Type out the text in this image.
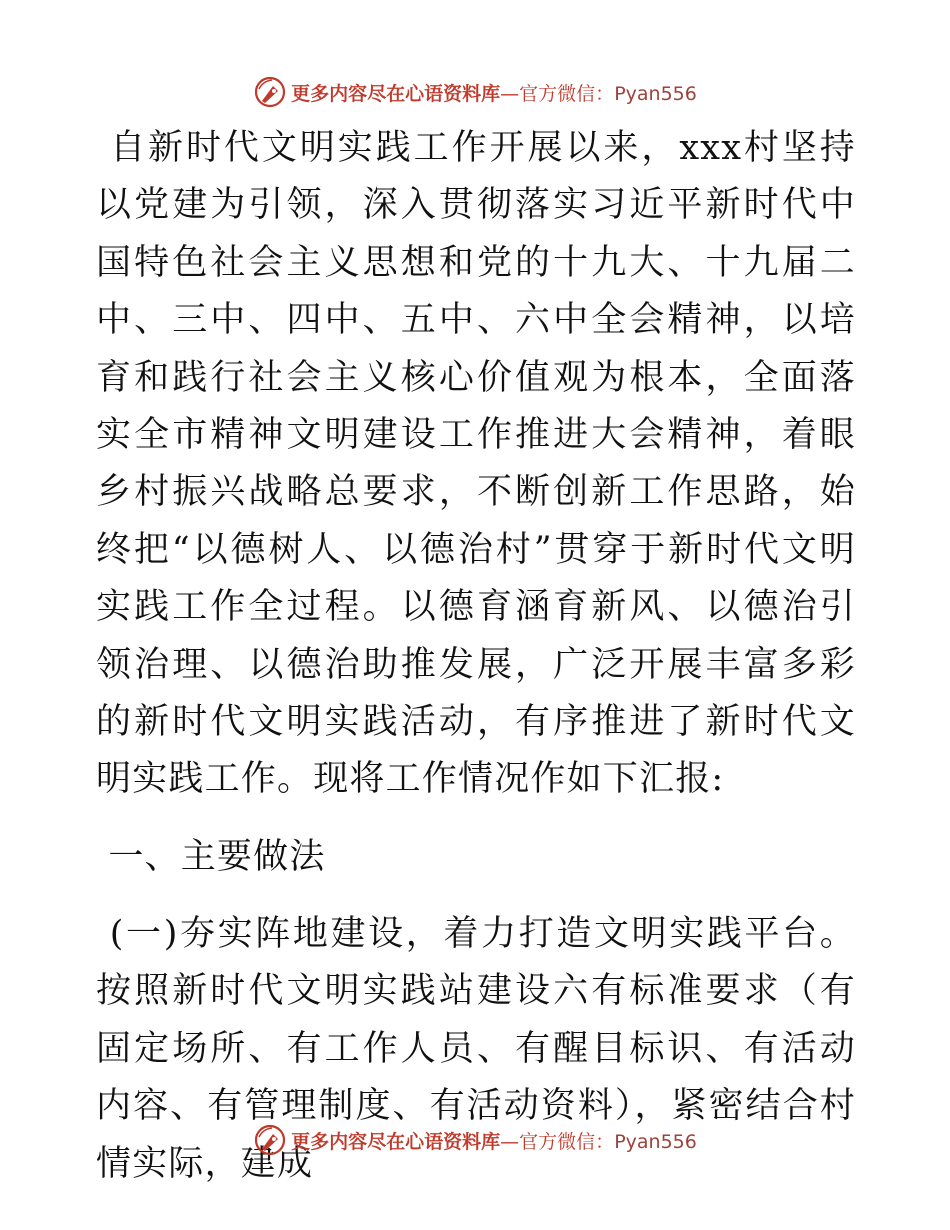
更多内容尽在心语资料库—官方微信：Pyan556

自新时代文明实践工作开展以来，xxx村坚持以党建为引领，深入贯彻落实习近平新时代中国特色社会主义思想和党的十九大、十九届二中、三中、四中、五中、六中全会精神，以培育和践行社会主义核心价值观为根本，全面落实全市精神文明建设工作推进大会精神，着眼乡村振兴战略总要求，不断创新工作思路，始终把“以德树人、以德治村”贯穿于新时代文明实践工作全过程。以德育涵育新风、以德治引领治理、以德治助推发展，广泛开展丰富多彩的新时代文明实践活动，有序推进了新时代文明实践工作。现将工作情况作如下汇报:

一、主要做法

(一)夯实阵地建设，着力打造文明实践平台。按照新时代文明实践站建设六有标准要求（有固定场所、有工作人员、有醒目标识、有活动内容、有管理制度、有活动资料），紧密结合村情实际，建成

更多内容尽在心语资料库—官方微信：Pyan556
